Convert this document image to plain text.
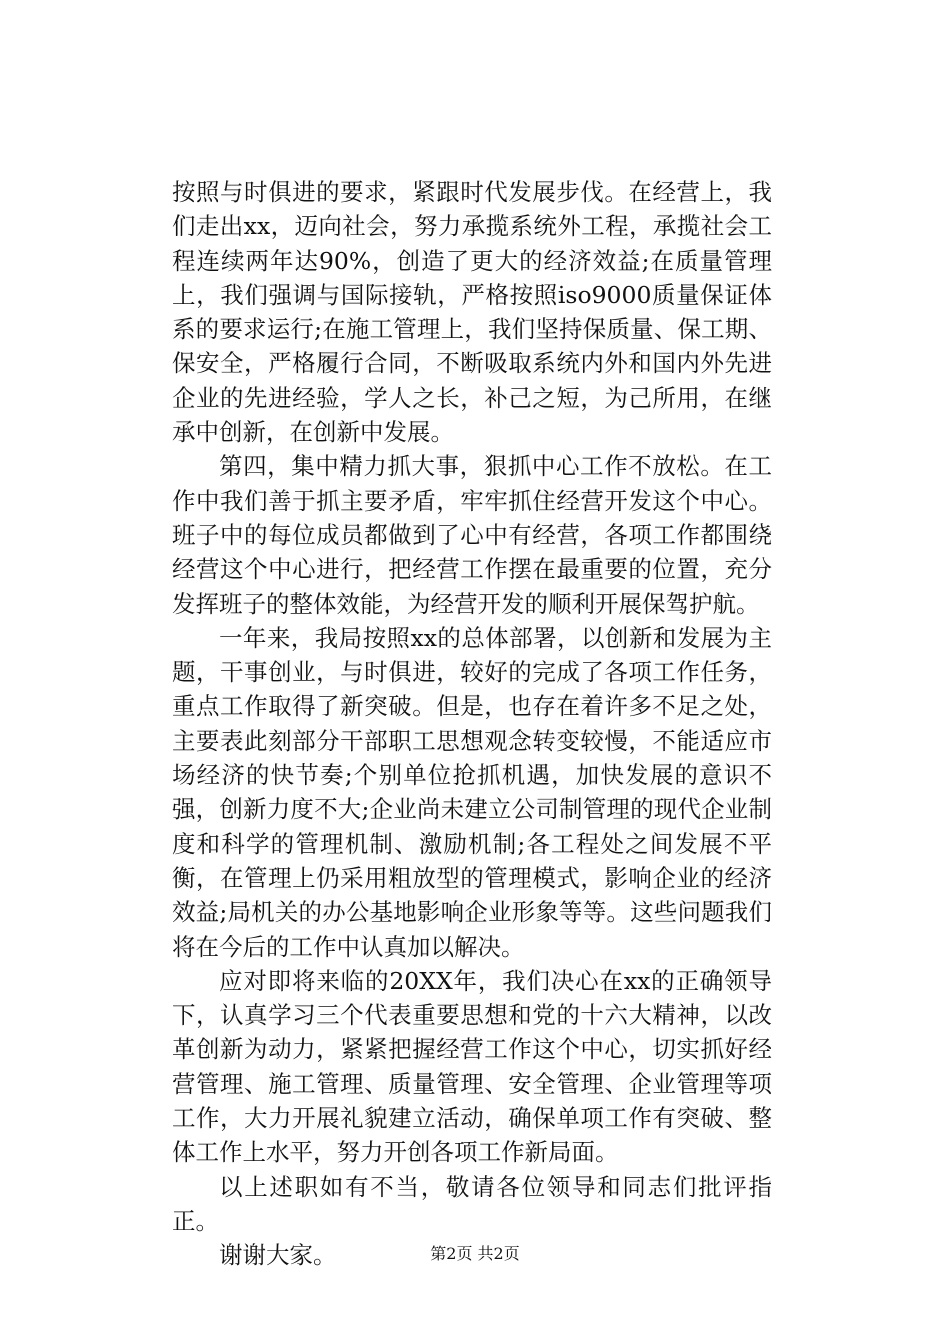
按照与时俱进的要求，紧跟时代发展步伐。在经营上，我们走出xx，迈向社会，努力承揽系统外工程，承揽社会工程连续两年达90%，创造了更大的经济效益;在质量管理上，我们强调与国际接轨，严格按照iso9000质量保证体系的要求运行;在施工管理上，我们坚持保质量、保工期、保安全，严格履行合同，不断吸取系统内外和国内外先进企业的先进经验，学人之长，补己之短，为己所用，在继承中创新，在创新中发展。

第四，集中精力抓大事，狠抓中心工作不放松。在工作中我们善于抓主要矛盾，牢牢抓住经营开发这个中心。班子中的每位成员都做到了心中有经营，各项工作都围绕经营这个中心进行，把经营工作摆在最重要的位置，充分发挥班子的整体效能，为经营开发的顺利开展保驾护航。

一年来，我局按照xx的总体部署，以创新和发展为主题，干事创业，与时俱进，较好的完成了各项工作任务，重点工作取得了新突破。但是，也存在着许多不足之处，主要表此刻部分干部职工思想观念转变较慢，不能适应市场经济的快节奏;个别单位抢抓机遇，加快发展的意识不强，创新力度不大;企业尚未建立公司制管理的现代企业制度和科学的管理机制、激励机制;各工程处之间发展不平衡，在管理上仍采用粗放型的管理模式，影响企业的经济效益;局机关的办公基地影响企业形象等等。这些问题我们将在今后的工作中认真加以解决。

应对即将来临的20XX年，我们决心在xx的正确领导下，认真学习三个代表重要思想和党的十六大精神，以改革创新为动力，紧紧把握经营工作这个中心，切实抓好经营管理、施工管理、质量管理、安全管理、企业管理等项工作，大力开展礼貌建立活动，确保单项工作有突破、整体工作上水平，努力开创各项工作新局面。

以上述职如有不当，敬请各位领导和同志们批评指正。

谢谢大家。	第2页 共2页
